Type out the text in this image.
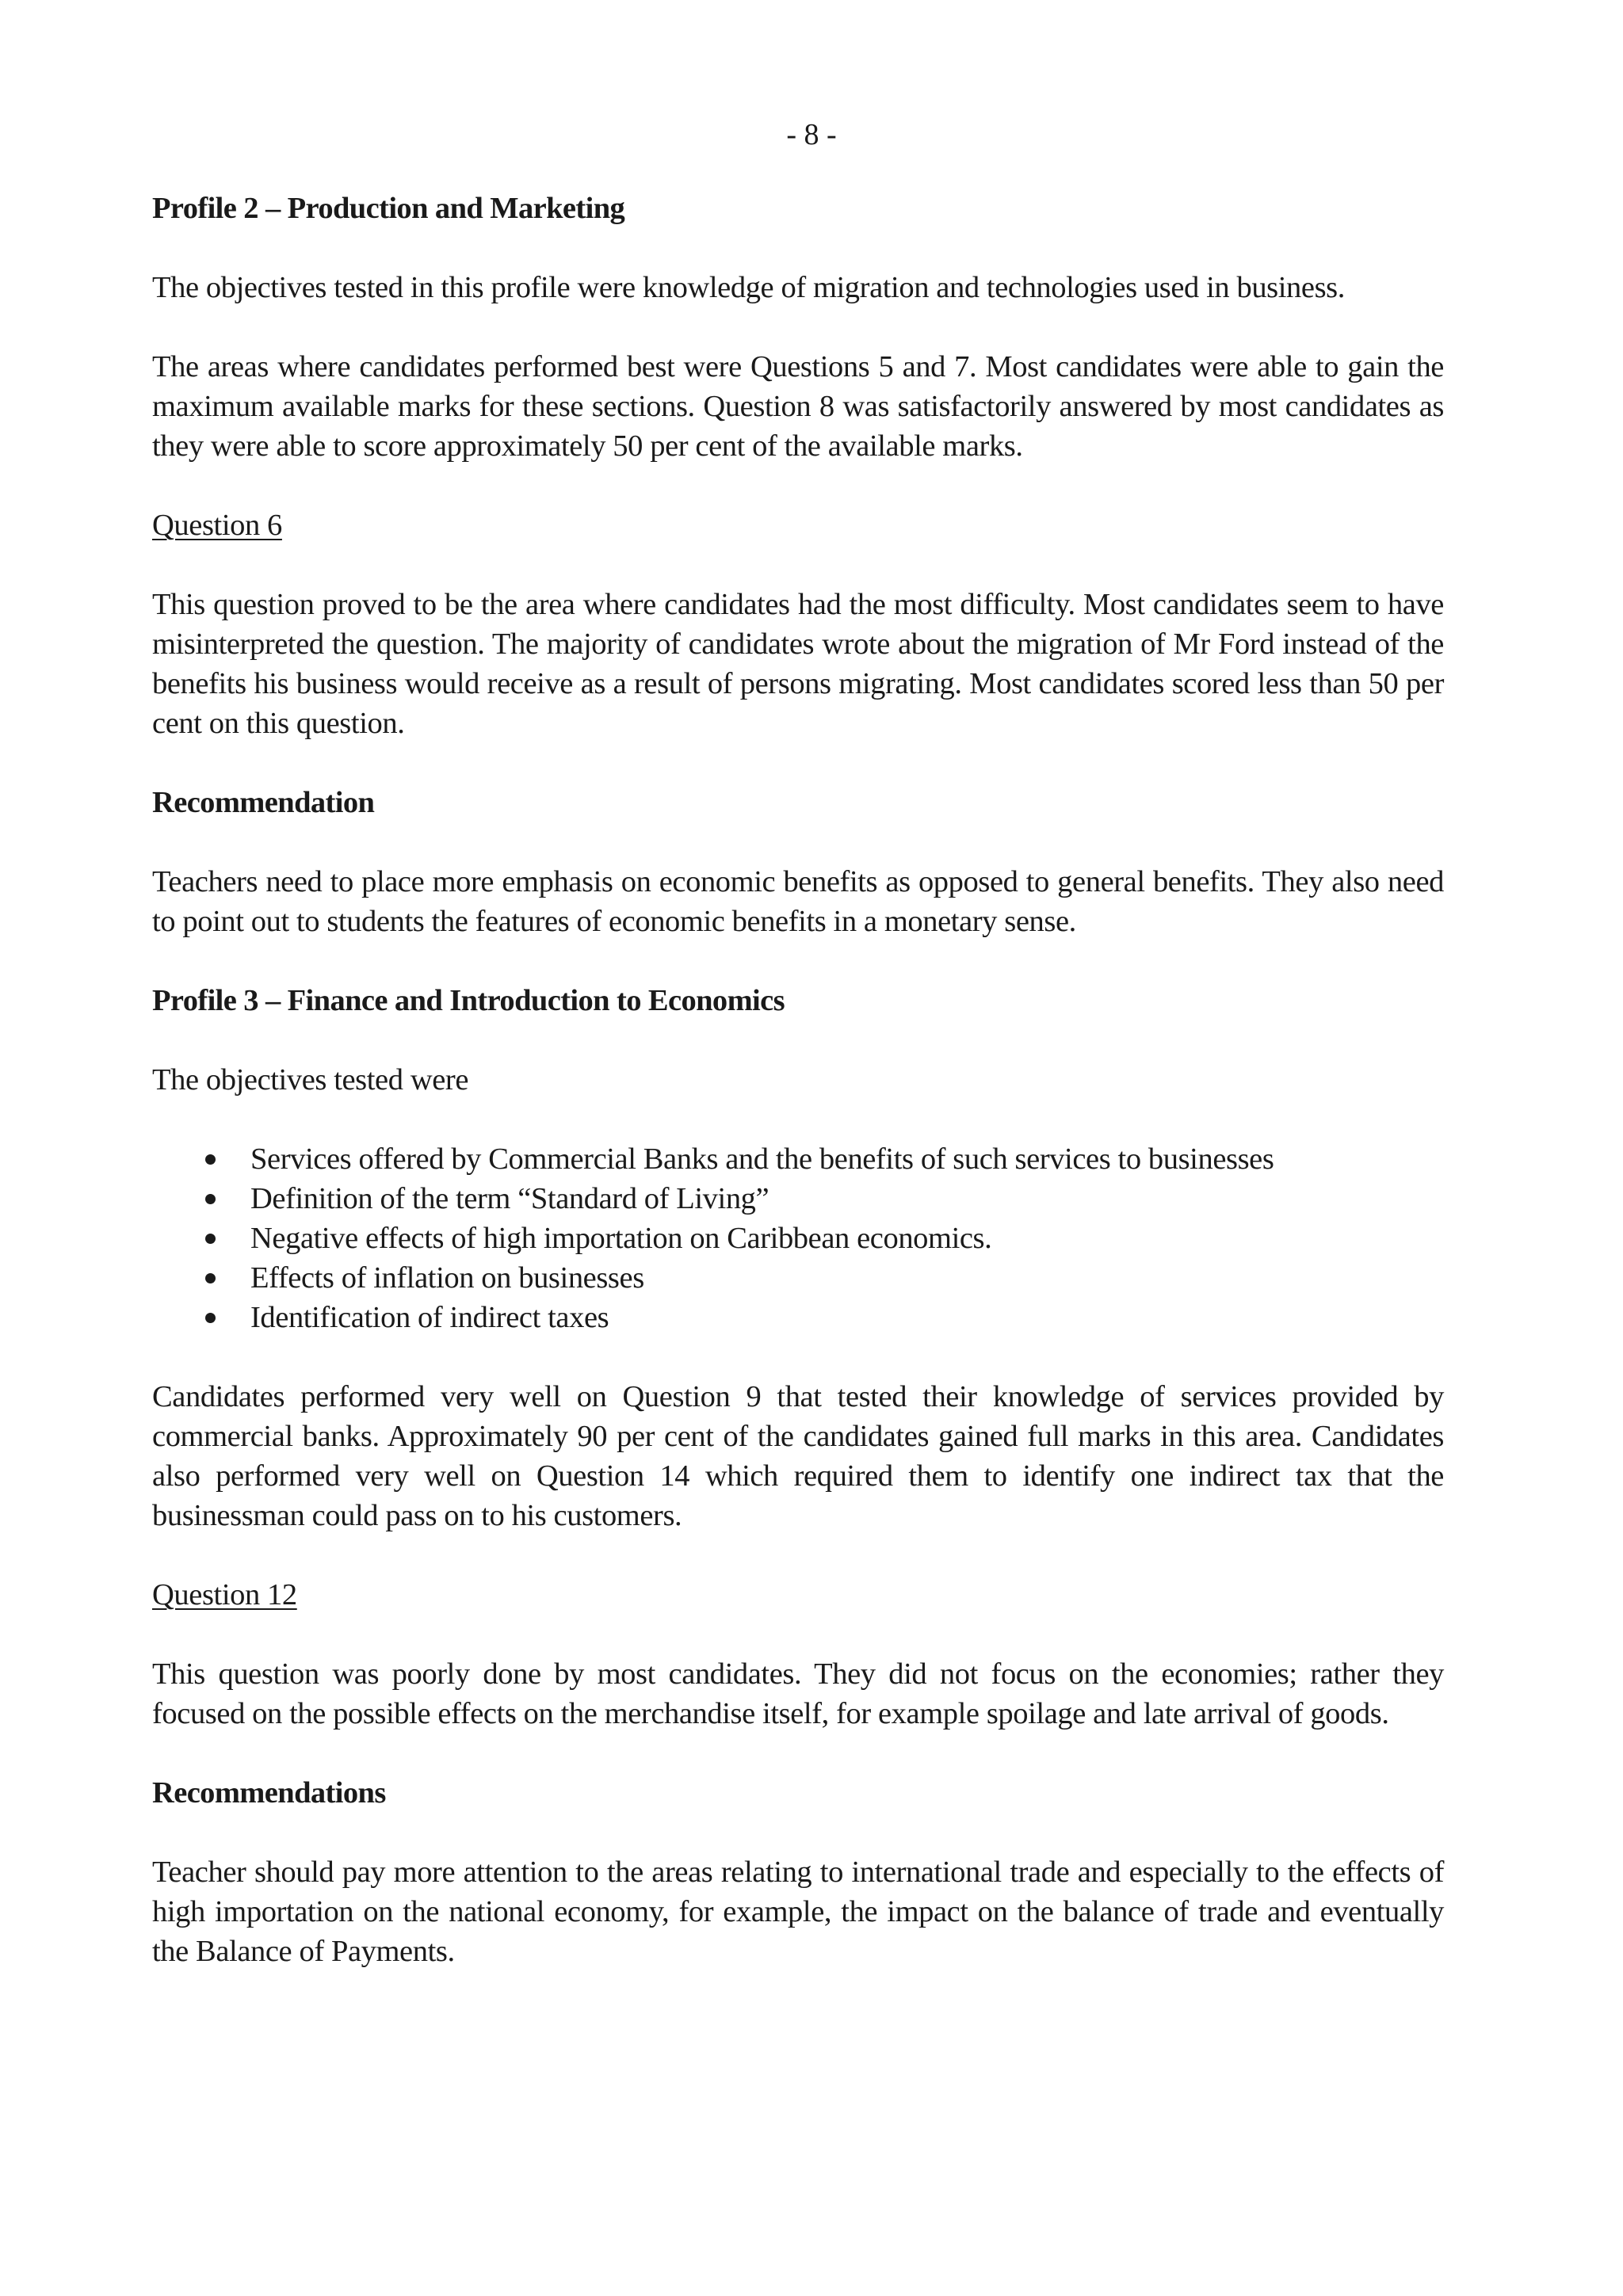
- 8 -
Profile 2 – Production and Marketing
The objectives tested in this profile were knowledge of migration and technologies used in business.
The areas where candidates performed best were Questions 5 and 7. Most candidates were able to gain the maximum available marks for these sections. Question 8 was satisfactorily answered by most candidates as they were able to score approximately 50 per cent of the available marks.
Question 6
This question proved to be the area where candidates had the most difficulty. Most candidates seem to have misinterpreted the question. The majority of candidates wrote about the migration of Mr Ford instead of the benefits his business would receive as a result of persons migrating. Most candidates scored less than 50 per cent on this question.
Recommendation
Teachers need to place more emphasis on economic benefits as opposed to general benefits. They also need to point out to students the features of economic benefits in a monetary sense.
Profile 3 – Finance and Introduction to Economics
The objectives tested were
Services offered by Commercial Banks and the benefits of such services to businesses
Definition of the term “Standard of Living”
Negative effects of high importation on Caribbean economics.
Effects of inflation on businesses
Identification of indirect taxes
Candidates performed very well on Question 9 that tested their knowledge of services provided by commercial banks. Approximately 90 per cent of the candidates gained full marks in this area. Candidates also performed very well on Question 14 which required them to identify one indirect tax that the businessman could pass on to his customers.
Question 12
This question was poorly done by most candidates. They did not focus on the economies; rather they focused on the possible effects on the merchandise itself, for example spoilage and late arrival of goods.
Recommendations
Teacher should pay more attention to the areas relating to international trade and especially to the effects of high importation on the national economy, for example, the impact on the balance of trade and eventually the Balance of Payments.
